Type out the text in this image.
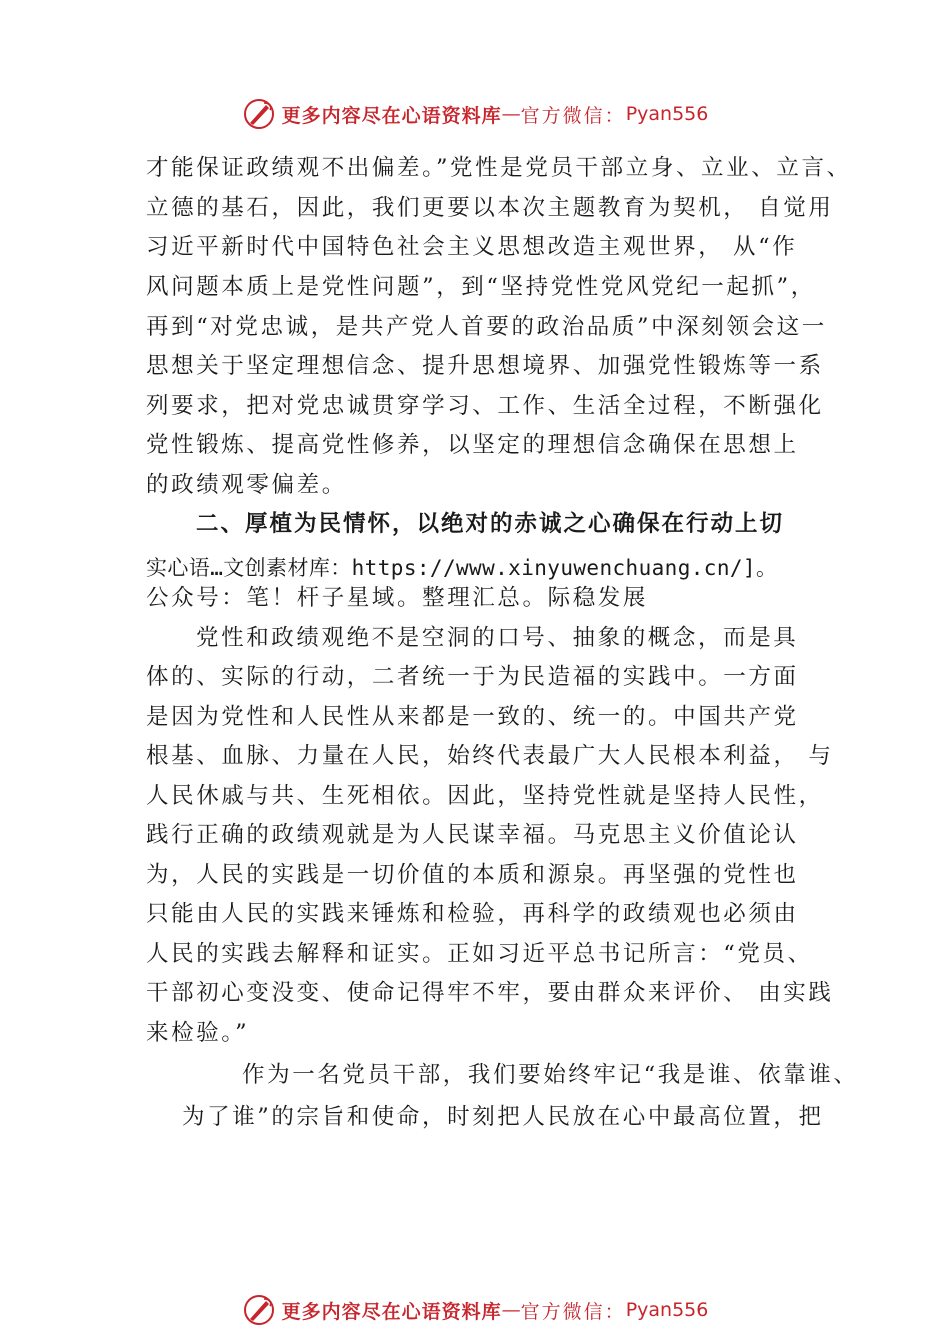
更多内容尽在心语资料库 — 官方微信： Pyan556
才能保证政绩观不出偏差。”党性是党员干部立身、立业、立言、
立德的基石，因此，我们更要以本次主题教育为契机， 自觉用
习近平新时代中国特色社会主义思想改造主观世界， 从“作
风问题本质上是党性问题”，到“坚持党性党风党纪一起抓”，
再到“对党忠诚，是共产党人首要的政治品质”中深刻领会这一
思想关于坚定理想信念、提升思想境界、加强党性锻炼等一系
列要求，把对党忠诚贯穿学习、工作、生活全过程，不断强化
党性锻炼、提高党性修养，以坚定的理想信念确保在思想上
的政绩观零偏差。
二、厚植为民情怀，以绝对的赤诚之心确保在行动上切
实心语…文创素材库：https://www.xinyuwenchuang.cn/]。
公众号：笔！杆子星域。整理汇总。际稳发展
党性和政绩观绝不是空洞的口号、抽象的概念，而是具
体的、实际的行动，二者统一于为民造福的实践中。一方面
是因为党性和人民性从来都是一致的、统一的。中国共产党
根基、血脉、力量在人民，始终代表最广大人民根本利益， 与
人民休戚与共、生死相依。因此，坚持党性就是坚持人民性，
践行正确的政绩观就是为人民谋幸福。马克思主义价值论认
为，人民的实践是一切价值的本质和源泉。再坚强的党性也
只能由人民的实践来锤炼和检验，再科学的政绩观也必须由
人民的实践去解释和证实。正如习近平总书记所言：“党员、
干部初心变没变、使命记得牢不牢，要由群众来评价、 由实践
来检验。”
作为一名党员干部，我们要始终牢记“我是谁、依靠谁、
为了谁”的宗旨和使命，时刻把人民放在心中最高位置，把
更多内容尽在心语资料库 — 官方微信： Pyan556
